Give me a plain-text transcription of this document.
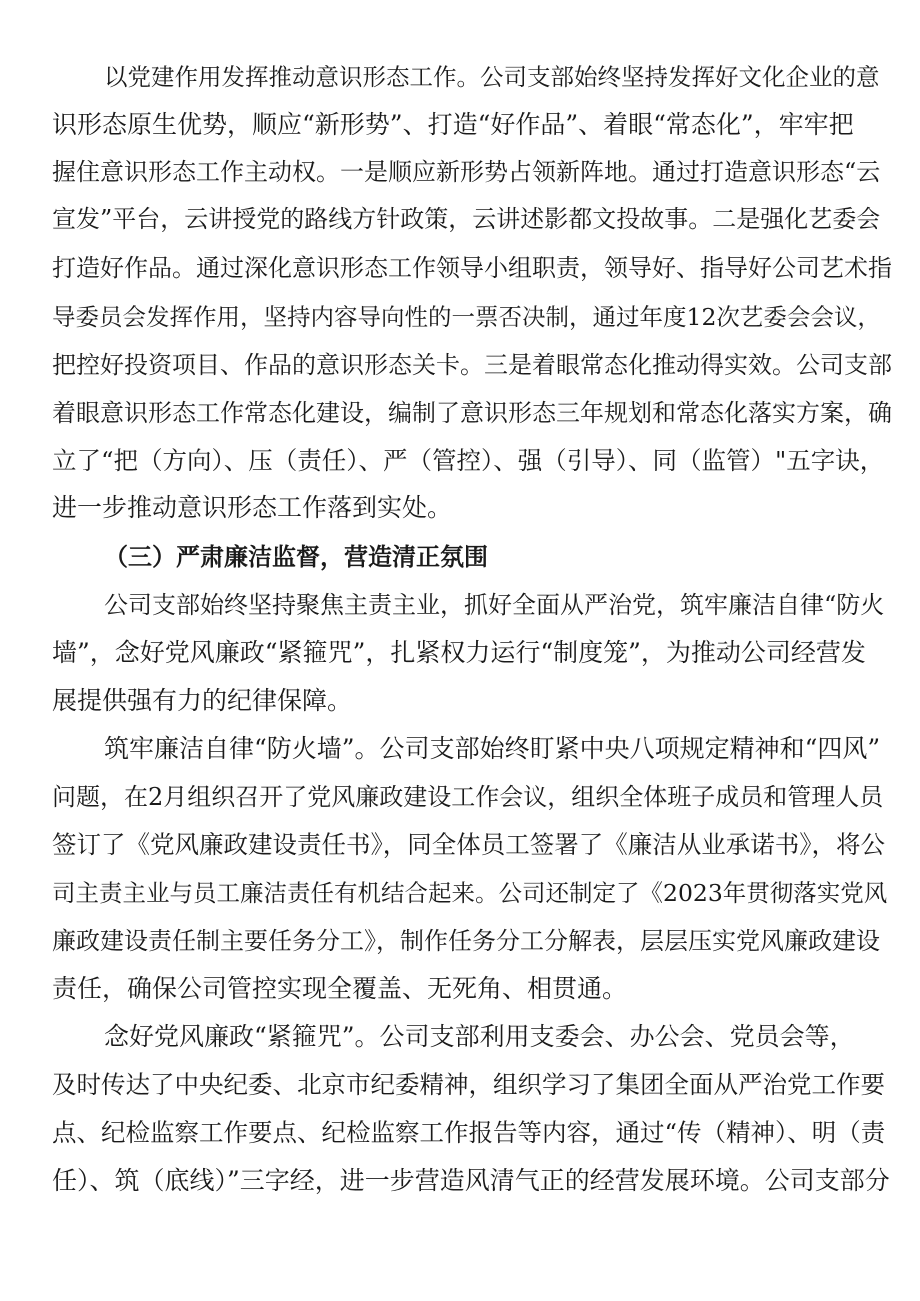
以党建作用发挥推动意识形态工作。公司支部始终坚持发挥好文化企业的意
识形态原生优势，顺应“新形势”、打造“好作品”、着眼“常态化”，牢牢把
握住意识形态工作主动权。一是顺应新形势占领新阵地。通过打造意识形态“云
宣发”平台，云讲授党的路线方针政策，云讲述影都文投故事。二是强化艺委会
打造好作品。通过深化意识形态工作领导小组职责，领导好、指导好公司艺术指
导委员会发挥作用，坚持内容导向性的一票否决制，通过年度12次艺委会会议，
把控好投资项目、作品的意识形态关卡。三是着眼常态化推动得实效。公司支部
着眼意识形态工作常态化建设，编制了意识形态三年规划和常态化落实方案，确
立了“把（方向）、压（责任）、严（管控）、强（引导）、同（监管）"五字诀，
进一步推动意识形态工作落到实处。
（三）严肃廉洁监督，营造清正氛围
公司支部始终坚持聚焦主责主业，抓好全面从严治党，筑牢廉洁自律“防火
墙”，念好党风廉政“紧箍咒”，扎紧权力运行“制度笼”，为推动公司经营发
展提供强有力的纪律保障。
筑牢廉洁自律“防火墙”。公司支部始终盯紧中央八项规定精神和“四风”
问题，在2月组织召开了党风廉政建设工作会议，组织全体班子成员和管理人员
签订了《党风廉政建设责任书》，同全体员工签署了《廉洁从业承诺书》，将公
司主责主业与员工廉洁责任有机结合起来。公司还制定了《2023年贯彻落实党风
廉政建设责任制主要任务分工》，制作任务分工分解表，层层压实党风廉政建设
责任，确保公司管控实现全覆盖、无死角、相贯通。
念好党风廉政“紧箍咒”。公司支部利用支委会、办公会、党员会等，
及时传达了中央纪委、北京市纪委精神，组织学习了集团全面从严治党工作要
点、纪检监察工作要点、纪检监察工作报告等内容，通过“传（精神）、明（责
任）、筑（底线）”三字经，进一步营造风清气正的经营发展环境。公司支部分
